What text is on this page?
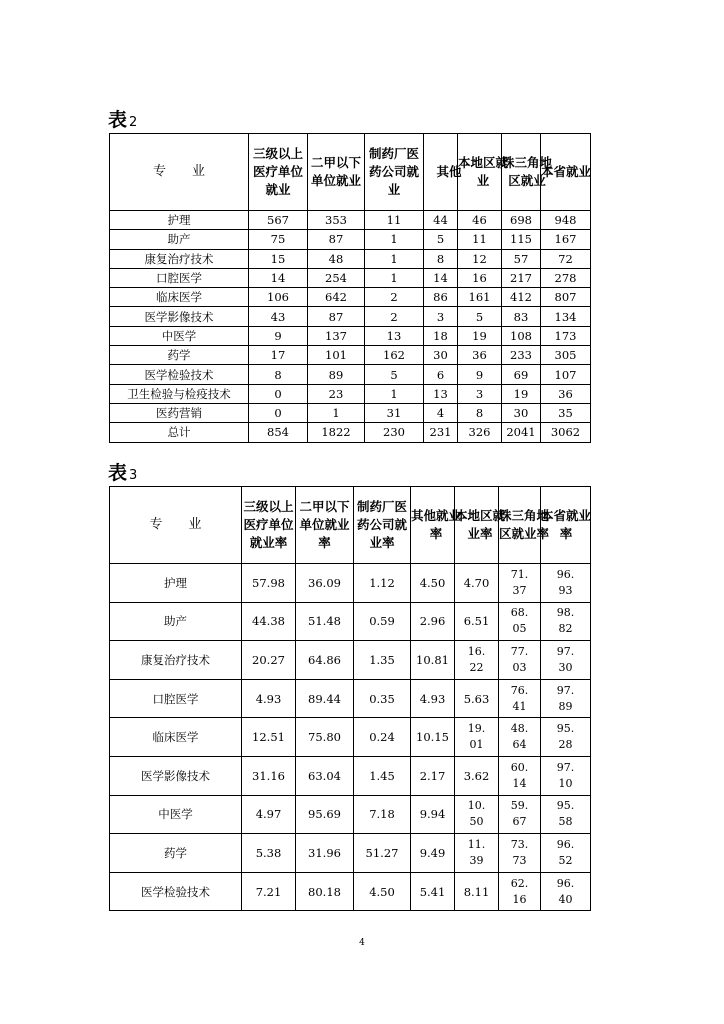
表 2
专　　业	三级以上医疗单位就业	二甲以下单位就业	制药厂医药公司就业	其他	本地区就业	珠三角地区就业	本省就业
护理	567	353	11	44	46	698	948
助产	75	87	1	5	11	115	167
康复治疗技术	15	48	1	8	12	57	72
口腔医学	14	254	1	14	16	217	278
临床医学	106	642	2	86	161	412	807
医学影像技术	43	87	2	3	5	83	134
中医学	9	137	13	18	19	108	173
药学	17	101	162	30	36	233	305
医学检验技术	8	89	5	6	9	69	107
卫生检验与检疫技术	0	23	1	13	3	19	36
医药营销	0	1	31	4	8	30	35
总计	854	1822	230	231	326	2041	3062
表 3
专　　业	三级以上医疗单位就业率	二甲以下单位就业率	制药厂医药公司就业率	其他就业率	本地区就业率	珠三角地区就业率	本省就业率
护理	57.98	36.09	1.12	4.50	4.70	71.37	96.93
助产	44.38	51.48	0.59	2.96	6.51	68.05	98.82
康复治疗技术	20.27	64.86	1.35	10.81	16.22	77.03	97.30
口腔医学	4.93	89.44	0.35	4.93	5.63	76.41	97.89
临床医学	12.51	75.80	0.24	10.15	19.01	48.64	95.28
医学影像技术	31.16	63.04	1.45	2.17	3.62	60.14	97.10
中医学	4.97	95.69	7.18	9.94	10.50	59.67	95.58
药学	5.38	31.96	51.27	9.49	11.39	73.73	96.52
医学检验技术	7.21	80.18	4.50	5.41	8.11	62.16	96.40
4
